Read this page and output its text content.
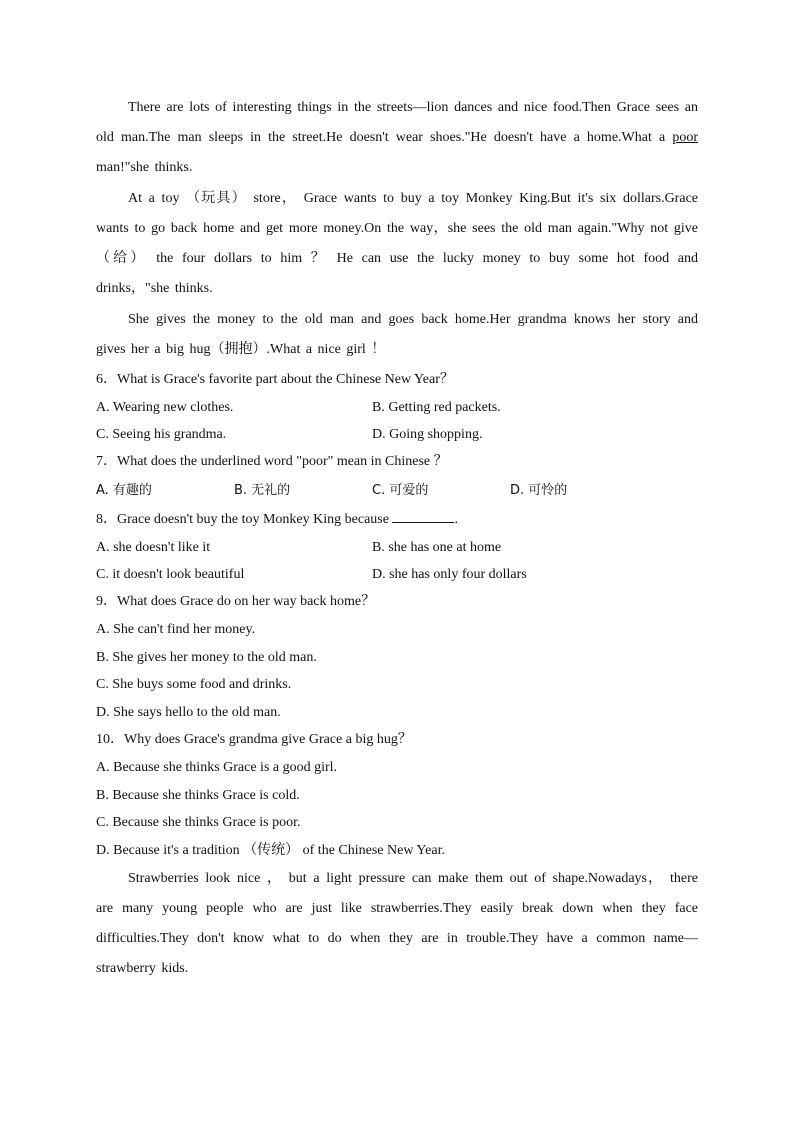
There are lots of interesting things in the streets—lion dances and nice food.Then Grace sees an old man.The man sleeps in the street.He doesn't wear shoes."He doesn't have a home.What a poor man!"she thinks.

At a toy （玩具） store， Grace wants to buy a toy Monkey King.But it's six dollars.Grace wants to go back home and get more money.On the way，she sees the old man again."Why not give （给） the four dollars to him ？ He can use the lucky money to buy some hot food and drinks，"she thinks.

She gives the money to the old man and goes back home.Her grandma knows her story and gives her a big hug（拥抱）.What a nice girl ！

6．What is Grace's favorite part about the Chinese New Year？

A. Wearing new clothes.	B. Getting red packets.
C. Seeing his grandma.	D. Going shopping.

7．What does the underlined word "poor" mean in Chinese ？

A. 有趣的	B. 无礼的	C. 可爱的	D. 可怜的

8．Grace doesn't buy the toy Monkey King because	.

A. she doesn't like it	B. she has one at home
C. it doesn't look beautiful	D. she has only four dollars

9．What does Grace do on her way back home？

A. She can't find her money.

B. She gives her money to the old man.

C. She buys some food and drinks.

D. She says hello to the old man.

10．Why does Grace's grandma give Grace a big hug？

A. Because she thinks Grace is a good girl.

B. Because she thinks Grace is cold.

C. Because she thinks Grace is poor.

D. Because it's a tradition （传统） of the Chinese New Year.

Strawberries look nice ， but a light pressure can make them out of shape.Nowadays， there are many young people who are just like strawberries.They easily break down when they face difficulties.They don't know what to do when they are in trouble.They have a common name—strawberry kids.
